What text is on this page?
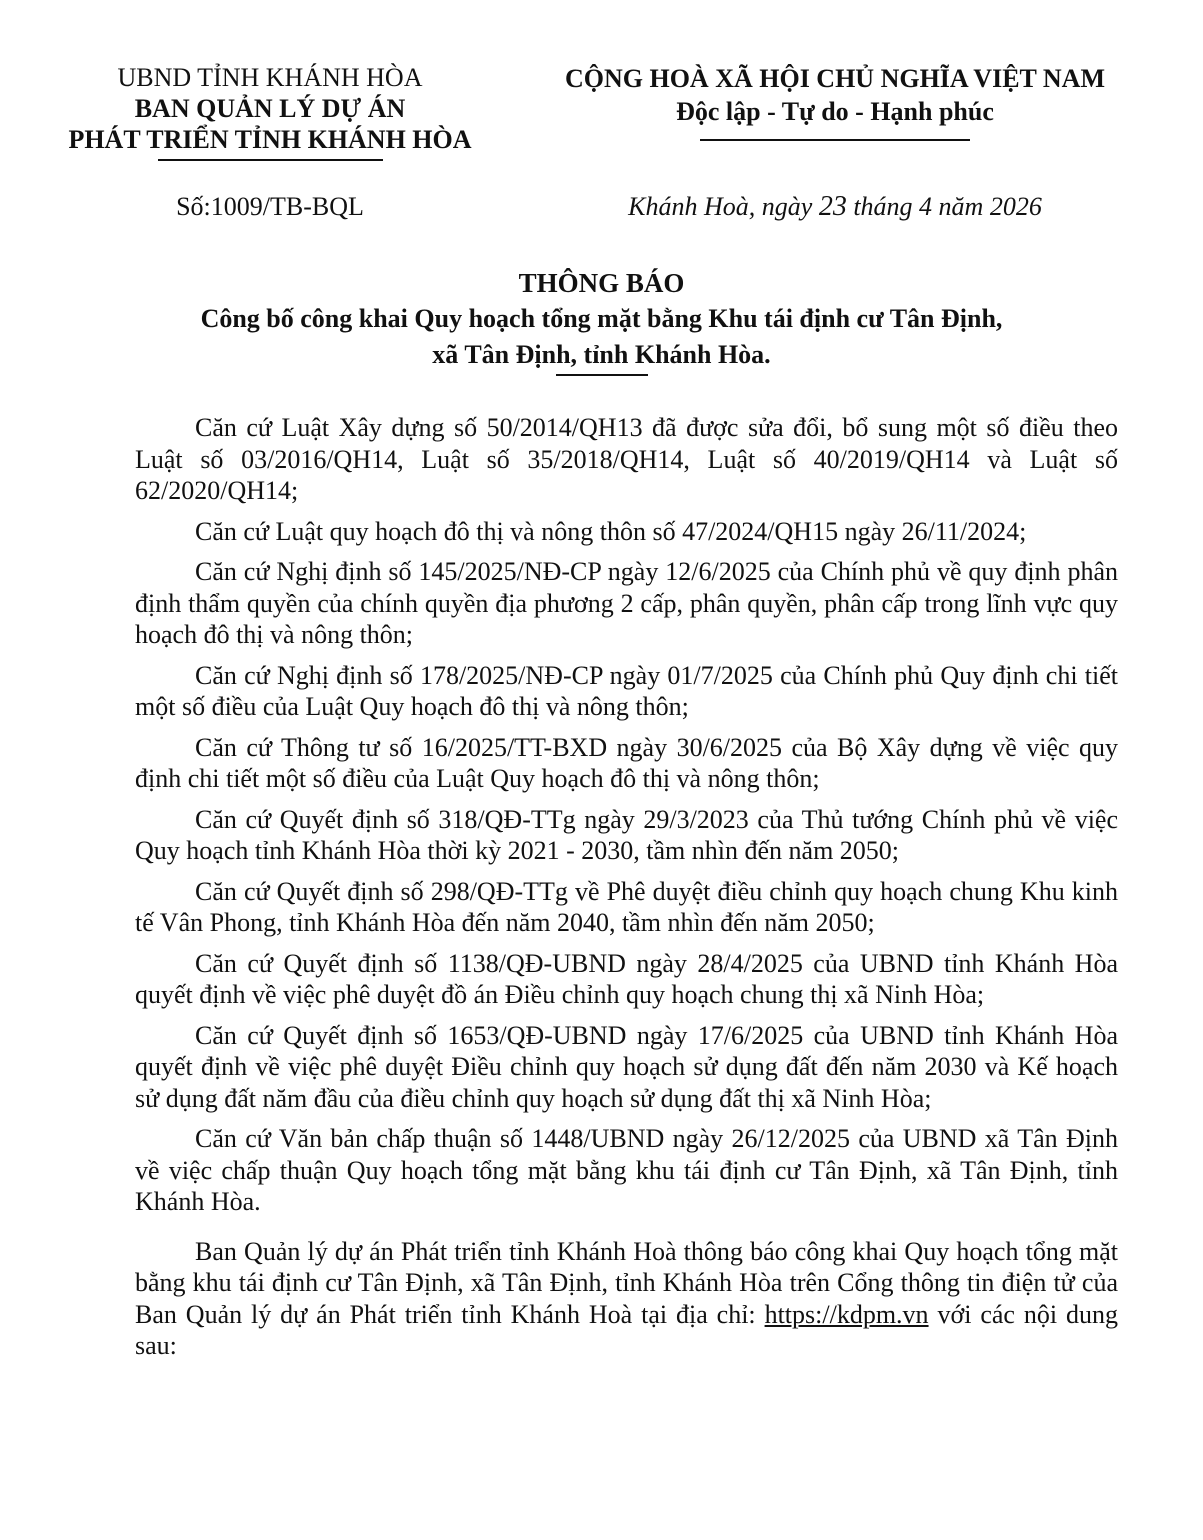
UBND TỈNH KHÁNH HÒA
BAN QUẢN LÝ DỰ ÁN
PHÁT TRIỂN TỈNH KHÁNH HÒA
CỘNG HOÀ XÃ HỘI CHỦ NGHĨA VIỆT NAM
Độc lập - Tự do - Hạnh phúc
Số:1009/TB-BQL	Khánh Hoà, ngày 23 tháng 4 năm 2026
THÔNG BÁO
Công bố công khai Quy hoạch tổng mặt bằng Khu tái định cư Tân Định,
xã Tân Định, tỉnh Khánh Hòa.

Căn cứ Luật Xây dựng số 50/2014/QH13 đã được sửa đổi, bổ sung một số điều theo Luật số 03/2016/QH14, Luật số 35/2018/QH14, Luật số 40/2019/QH14 và Luật số 62/2020/QH14;

Căn cứ Luật quy hoạch đô thị và nông thôn số 47/2024/QH15 ngày 26/11/2024;

Căn cứ Nghị định số 145/2025/NĐ-CP ngày 12/6/2025 của Chính phủ về quy định phân định thẩm quyền của chính quyền địa phương 2 cấp, phân quyền, phân cấp trong lĩnh vực quy hoạch đô thị và nông thôn;

Căn cứ Nghị định số 178/2025/NĐ-CP ngày 01/7/2025 của Chính phủ Quy định chi tiết một số điều của Luật Quy hoạch đô thị và nông thôn;

Căn cứ Thông tư số 16/2025/TT-BXD ngày 30/6/2025 của Bộ Xây dựng về việc quy định chi tiết một số điều của Luật Quy hoạch đô thị và nông thôn;

Căn cứ Quyết định số 318/QĐ-TTg ngày 29/3/2023 của Thủ tướng Chính phủ về việc Quy hoạch tỉnh Khánh Hòa thời kỳ 2021 - 2030, tầm nhìn đến năm 2050;

Căn cứ Quyết định số 298/QĐ-TTg về Phê duyệt điều chỉnh quy hoạch chung Khu kinh tế Vân Phong, tỉnh Khánh Hòa đến năm 2040, tầm nhìn đến năm 2050;

Căn cứ Quyết định số 1138/QĐ-UBND ngày 28/4/2025 của UBND tỉnh Khánh Hòa quyết định về việc phê duyệt đồ án Điều chỉnh quy hoạch chung thị xã Ninh Hòa;

Căn cứ Quyết định số 1653/QĐ-UBND ngày 17/6/2025 của UBND tỉnh Khánh Hòa quyết định về việc phê duyệt Điều chỉnh quy hoạch sử dụng đất đến năm 2030 và Kế hoạch sử dụng đất năm đầu của điều chỉnh quy hoạch sử dụng đất thị xã Ninh Hòa;

Căn cứ Văn bản chấp thuận số 1448/UBND ngày 26/12/2025 của UBND xã Tân Định về việc chấp thuận Quy hoạch tổng mặt bằng khu tái định cư Tân Định, xã Tân Định, tỉnh Khánh Hòa.

Ban Quản lý dự án Phát triển tỉnh Khánh Hoà thông báo công khai Quy hoạch tổng mặt bằng khu tái định cư Tân Định, xã Tân Định, tỉnh Khánh Hòa trên Cổng thông tin điện tử của Ban Quản lý dự án Phát triển tỉnh Khánh Hoà tại địa chỉ: https://kdpm.vn với các nội dung sau:
